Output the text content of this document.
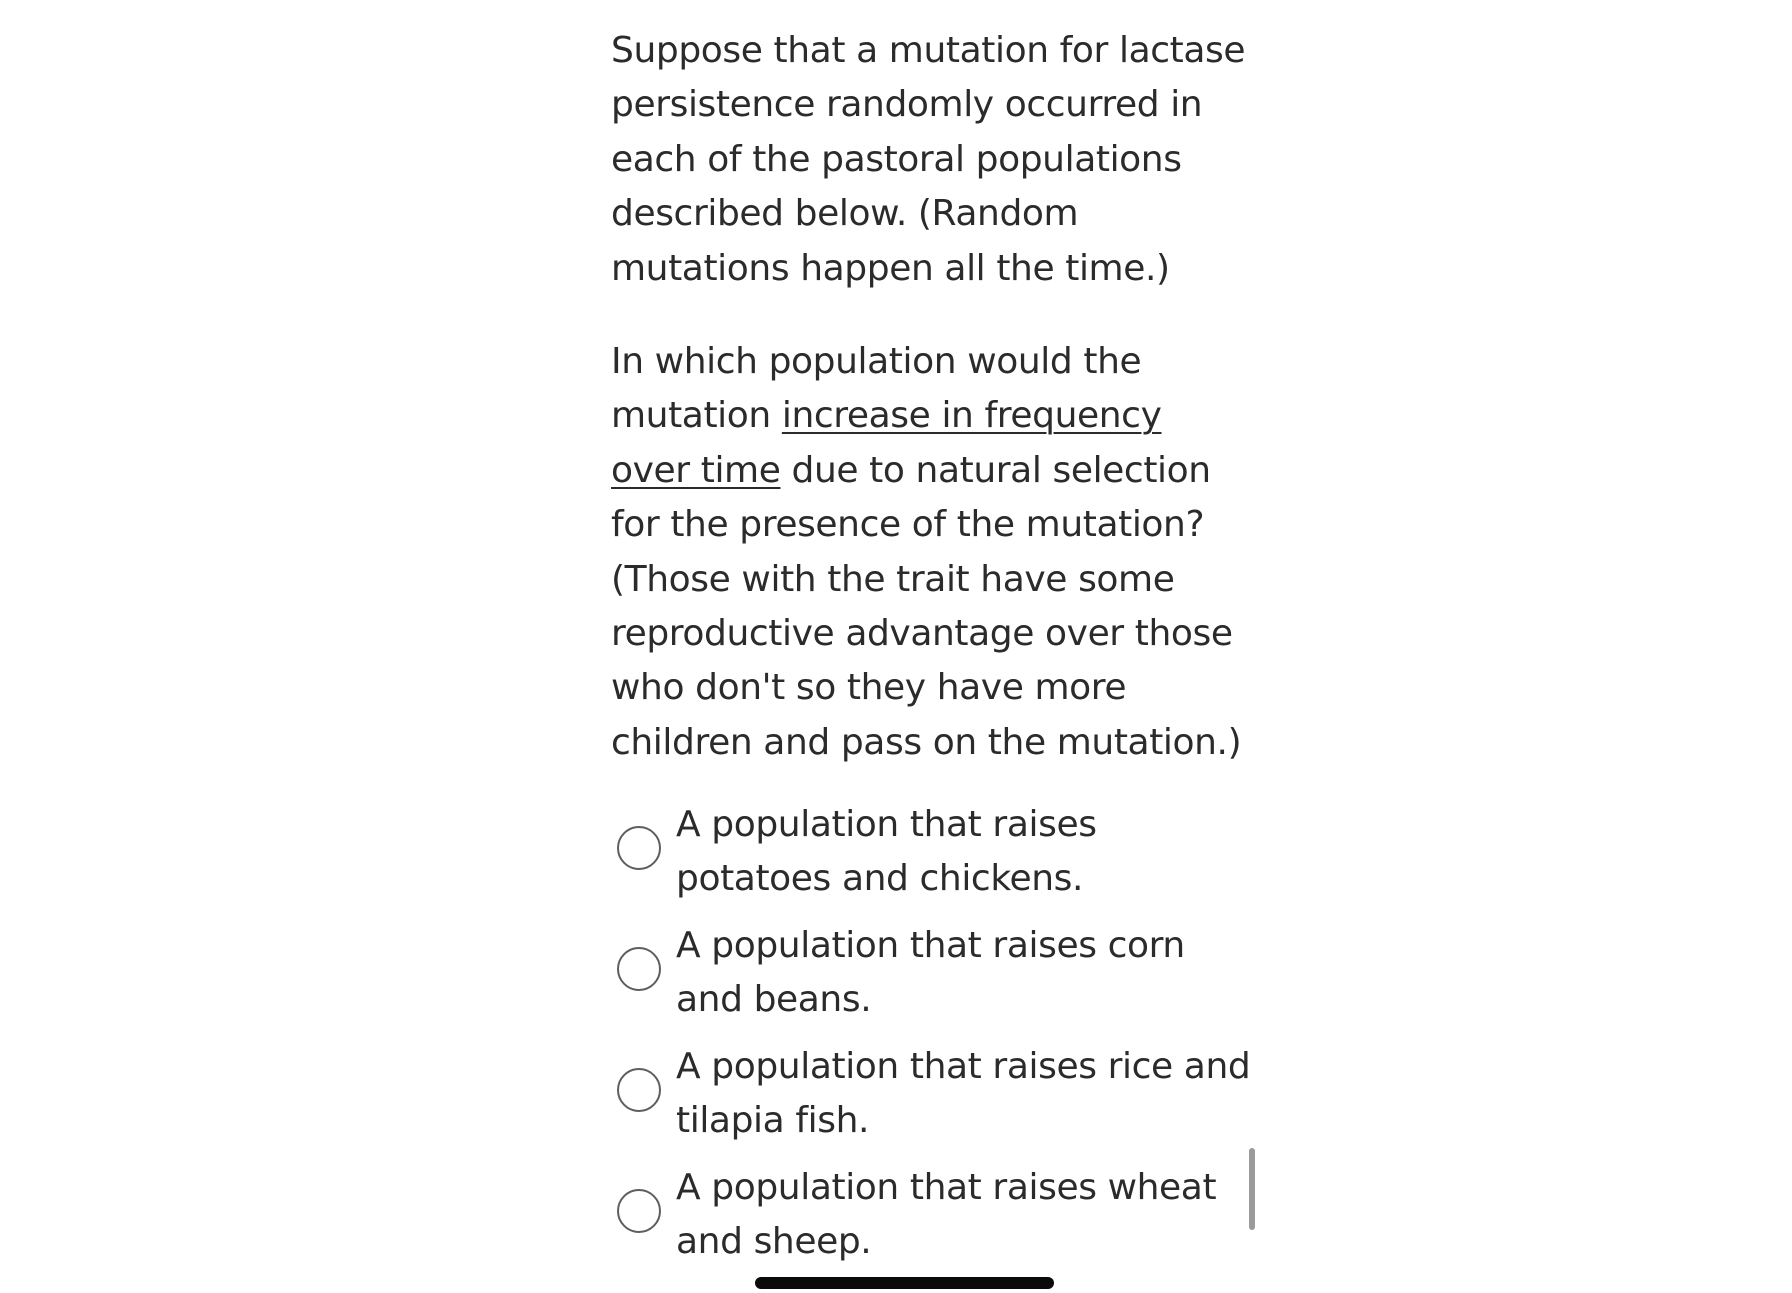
Suppose that a mutation for lactase persistence randomly occurred in each of the pastoral populations described below. (Random mutations happen all the time.)

In which population would the mutation increase in frequency over time due to natural selection for the presence of the mutation? (Those with the trait have some reproductive advantage over those who don't so they have more children and pass on the mutation.)

A population that raises potatoes and chickens.
A population that raises corn and beans.
A population that raises rice and tilapia fish.
A population that raises wheat and sheep.
